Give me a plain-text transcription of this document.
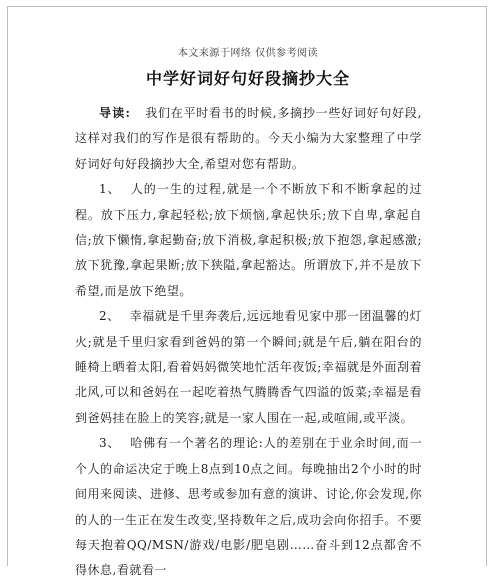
本文来源于网络 仅供参考阅读
中学好词好句好段摘抄大全

导读: 我们在平时看书的时候,多摘抄一些好词好句好段,这样对我们的写作是很有帮助的。今天小编为大家整理了中学好词好句好段摘抄大全,希望对您有帮助。

1、 人的一生的过程,就是一个不断放下和不断拿起的过程。放下压力,拿起轻松;放下烦恼,拿起快乐;放下自卑,拿起自信;放下懒惰,拿起勤奋;放下消极,拿起积极;放下抱怨,拿起感激;放下犹豫,拿起果断;放下狭隘,拿起豁达。所谓放下,并不是放下希望,而是放下绝望。

2、 幸福就是千里奔袭后,远远地看见家中那一团温馨的灯火;就是千里归家看到爸妈的第一个瞬间;就是午后,躺在阳台的睡椅上晒着太阳,看着妈妈微笑地忙活年夜饭;幸福就是外面刮着北风,可以和爸妈在一起吃着热气腾腾香气四溢的饭菜;幸福是看到爸妈挂在脸上的笑容;就是一家人围在一起,或喧闹,或平淡。

3、 哈佛有一个著名的理论:人的差别在于业余时间,而一个人的命运决定于晚上8点到10点之间。每晚抽出2个小时的时间用来阅读、进修、思考或参加有意的演讲、讨论,你会发现,你的人的一生正在发生改变,坚持数年之后,成功会向你招手。不要每天抱着QQ/MSN/游戏/电影/肥皂剧……奋斗到12点都舍不得休息,看就看一
